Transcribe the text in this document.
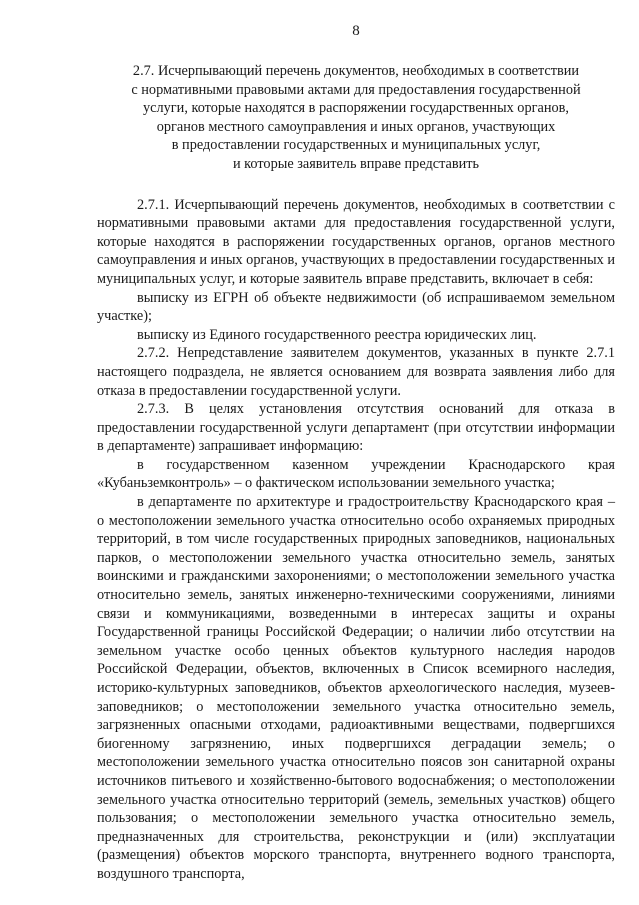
8
2.7. Исчерпывающий перечень документов, необходимых в соответствии
с нормативными правовыми актами для предоставления государственной
услуги, которые находятся в распоряжении государственных органов,
органов местного самоуправления и иных органов, участвующих
в предоставлении государственных и муниципальных услуг,
и которые заявитель вправе представить

2.7.1. Исчерпывающий перечень документов, необходимых в соответствии с нормативными правовыми актами для предоставления государственной услуги, которые находятся в распоряжении государственных органов, органов местного самоуправления и иных органов, участвующих в предоставлении государственных и муниципальных услуг, и которые заявитель вправе представить, включает в себя:

выписку из ЕГРН об объекте недвижимости (об испрашиваемом земельном участке);

выписку из Единого государственного реестра юридических лиц.

2.7.2. Непредставление заявителем документов, указанных в пункте 2.7.1 настоящего подраздела, не является основанием для возврата заявления либо для отказа в предоставлении государственной услуги.

2.7.3. В целях установления отсутствия оснований для отказа в предоставлении государственной услуги департамент (при отсутствии информации в департаменте) запрашивает информацию:

в государственном казенном учреждении Краснодарского края «Кубаньземконтроль» – о фактическом использовании земельного участка;

в департаменте по архитектуре и градостроительству Краснодарского края – о местоположении земельного участка относительно особо охраняемых природных территорий, в том числе государственных природных заповедников, национальных парков, о местоположении земельного участка относительно земель, занятых воинскими и гражданскими захоронениями; о местоположении земельного участка относительно земель, занятых инженерно-техническими сооружениями, линиями связи и коммуникациями, возведенными в интересах защиты и охраны Государственной границы Российской Федерации; о наличии либо отсутствии на земельном участке особо ценных объектов культурного наследия народов Российской Федерации, объектов, включенных в Список всемирного наследия, историко-культурных заповедников, объектов археологического наследия, музеев-заповедников; о местоположении земельного участка относительно земель, загрязненных опасными отходами, радиоактивными веществами, подвергшихся биогенному загрязнению, иных подвергшихся деградации земель; о местоположении земельного участка относительно поясов зон санитарной охраны источников питьевого и хозяйственно-бытового водоснабжения; о местоположении земельного участка относительно территорий (земель, земельных участков) общего пользования; о местоположении земельного участка относительно земель, предназначенных для строительства, реконструкции и (или) эксплуатации (размещения) объектов морского транспорта, внутреннего водного транспорта, воздушного транспорта,
